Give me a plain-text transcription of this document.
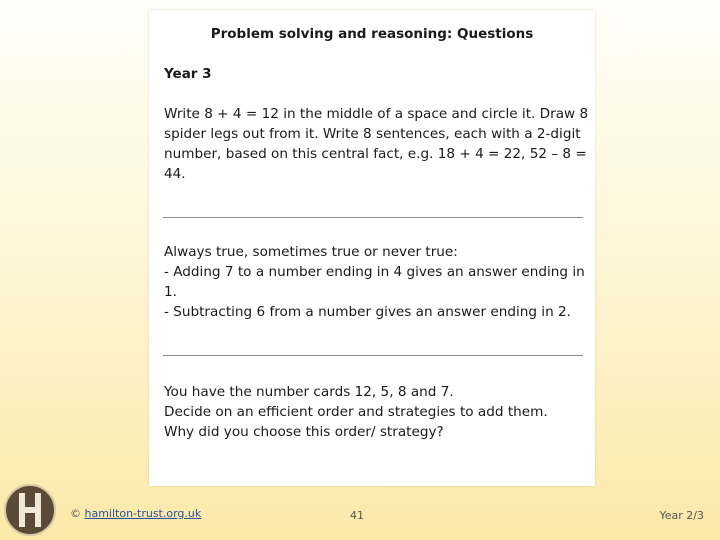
Problem solving and reasoning: Questions
Year 3
Write 8 + 4 = 12 in the middle of a space and circle it. Draw 8 spider legs out from it. Write 8 sentences, each with a 2-digit number, based on this central fact, e.g. 18 + 4 = 22, 52 – 8 = 44.
Always true, sometimes true or never true:
- Adding 7 to a number ending in 4 gives an answer ending in 1.
- Subtracting 6 from a number gives an answer ending in 2.
You have the number cards 12, 5, 8 and 7.
Decide on an efficient order and strategies to add them.
Why did you choose this order/ strategy?
© hamilton-trust.org.uk	41	Year 2/3
